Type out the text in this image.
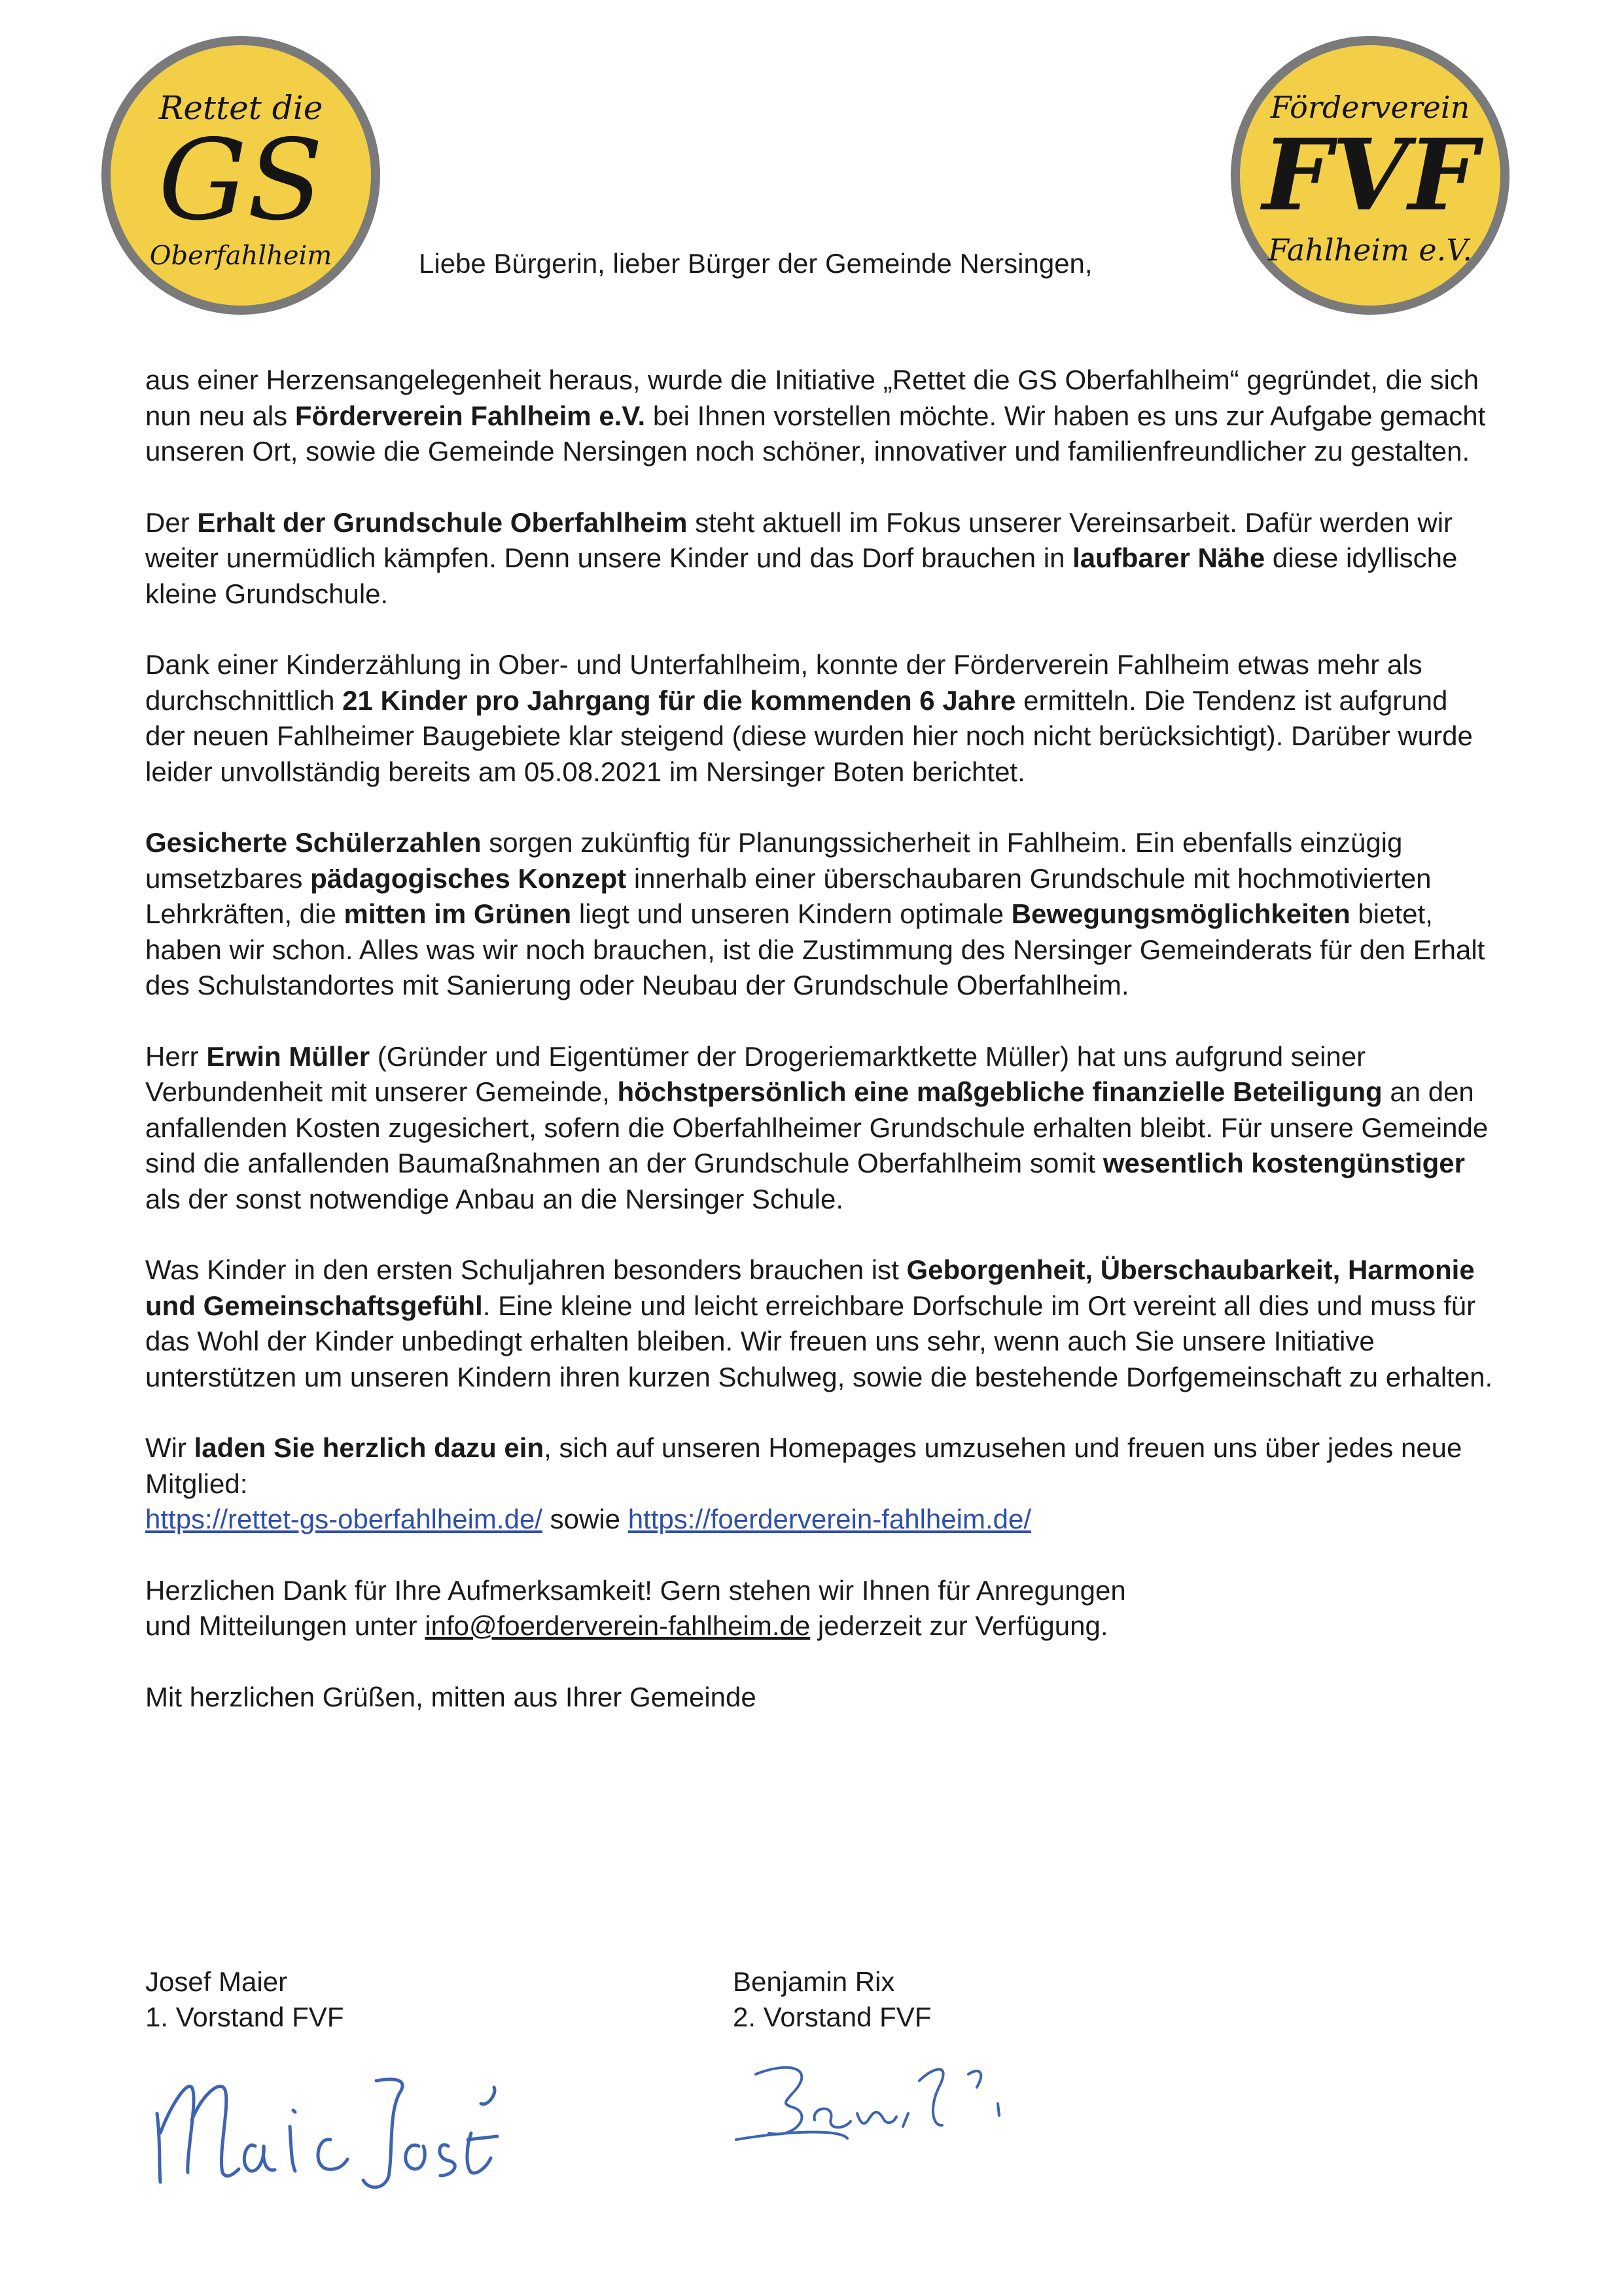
Rettet die
GS
Oberfahlheim	Liebe Bürgerin, lieber Bürger der Gemeinde Nersingen,
Förderverein
FVF
Fahlheim e.V.

aus einer Herzensangelegenheit heraus, wurde die Initiative „Rettet die GS Oberfahlheim“ gegründet, die sich nun neu als Förderverein Fahlheim e.V. bei Ihnen vorstellen möchte. Wir haben es uns zur Aufgabe gemacht unseren Ort, sowie die Gemeinde Nersingen noch schöner, innovativer und familienfreundlicher zu gestalten.

Der Erhalt der Grundschule Oberfahlheim steht aktuell im Fokus unserer Vereinsarbeit. Dafür werden wir weiter unermüdlich kämpfen. Denn unsere Kinder und das Dorf brauchen in laufbarer Nähe diese idyllische kleine Grundschule.

Dank einer Kinderzählung in Ober- und Unterfahlheim, konnte der Förderverein Fahlheim etwas mehr als durchschnittlich 21 Kinder pro Jahrgang für die kommenden 6 Jahre ermitteln. Die Tendenz ist aufgrund der neuen Fahlheimer Baugebiete klar steigend (diese wurden hier noch nicht berücksichtigt). Darüber wurde leider unvollständig bereits am 05.08.2021 im Nersinger Boten berichtet.

Gesicherte Schülerzahlen sorgen zukünftig für Planungssicherheit in Fahlheim. Ein ebenfalls einzügig umsetzbares pädagogisches Konzept innerhalb einer überschaubaren Grundschule mit hochmotivierten Lehrkräften, die mitten im Grünen liegt und unseren Kindern optimale Bewegungsmöglichkeiten bietet, haben wir schon. Alles was wir noch brauchen, ist die Zustimmung des Nersinger Gemeinderats für den Erhalt des Schulstandortes mit Sanierung oder Neubau der Grundschule Oberfahlheim.

Herr Erwin Müller (Gründer und Eigentümer der Drogeriemarktkette Müller) hat uns aufgrund seiner Verbundenheit mit unserer Gemeinde, höchstpersönlich eine maßgebliche finanzielle Beteiligung an den anfallenden Kosten zugesichert, sofern die Oberfahlheimer Grundschule erhalten bleibt. Für unsere Gemeinde sind die anfallenden Baumaßnahmen an der Grundschule Oberfahlheim somit wesentlich kostengünstiger als der sonst notwendige Anbau an die Nersinger Schule.

Was Kinder in den ersten Schuljahren besonders brauchen ist Geborgenheit, Überschaubarkeit, Harmonie und Gemeinschaftsgefühl. Eine kleine und leicht erreichbare Dorfschule im Ort vereint all dies und muss für das Wohl der Kinder unbedingt erhalten bleiben. Wir freuen uns sehr, wenn auch Sie unsere Initiative unterstützen um unseren Kindern ihren kurzen Schulweg, sowie die bestehende Dorfgemeinschaft zu erhalten.

Wir laden Sie herzlich dazu ein, sich auf unseren Homepages umzusehen und freuen uns über jedes neue Mitglied:
https://rettet-gs-oberfahlheim.de/ sowie https://foerderverein-fahlheim.de/

Herzlichen Dank für Ihre Aufmerksamkeit! Gern stehen wir Ihnen für Anregungen
und Mitteilungen unter info@foerderverein-fahlheim.de jederzeit zur Verfügung.

Mit herzlichen Grüßen, mitten aus Ihrer Gemeinde

Josef Maier
1. Vorstand FVF
Benjamin Rix
2. Vorstand FVF
